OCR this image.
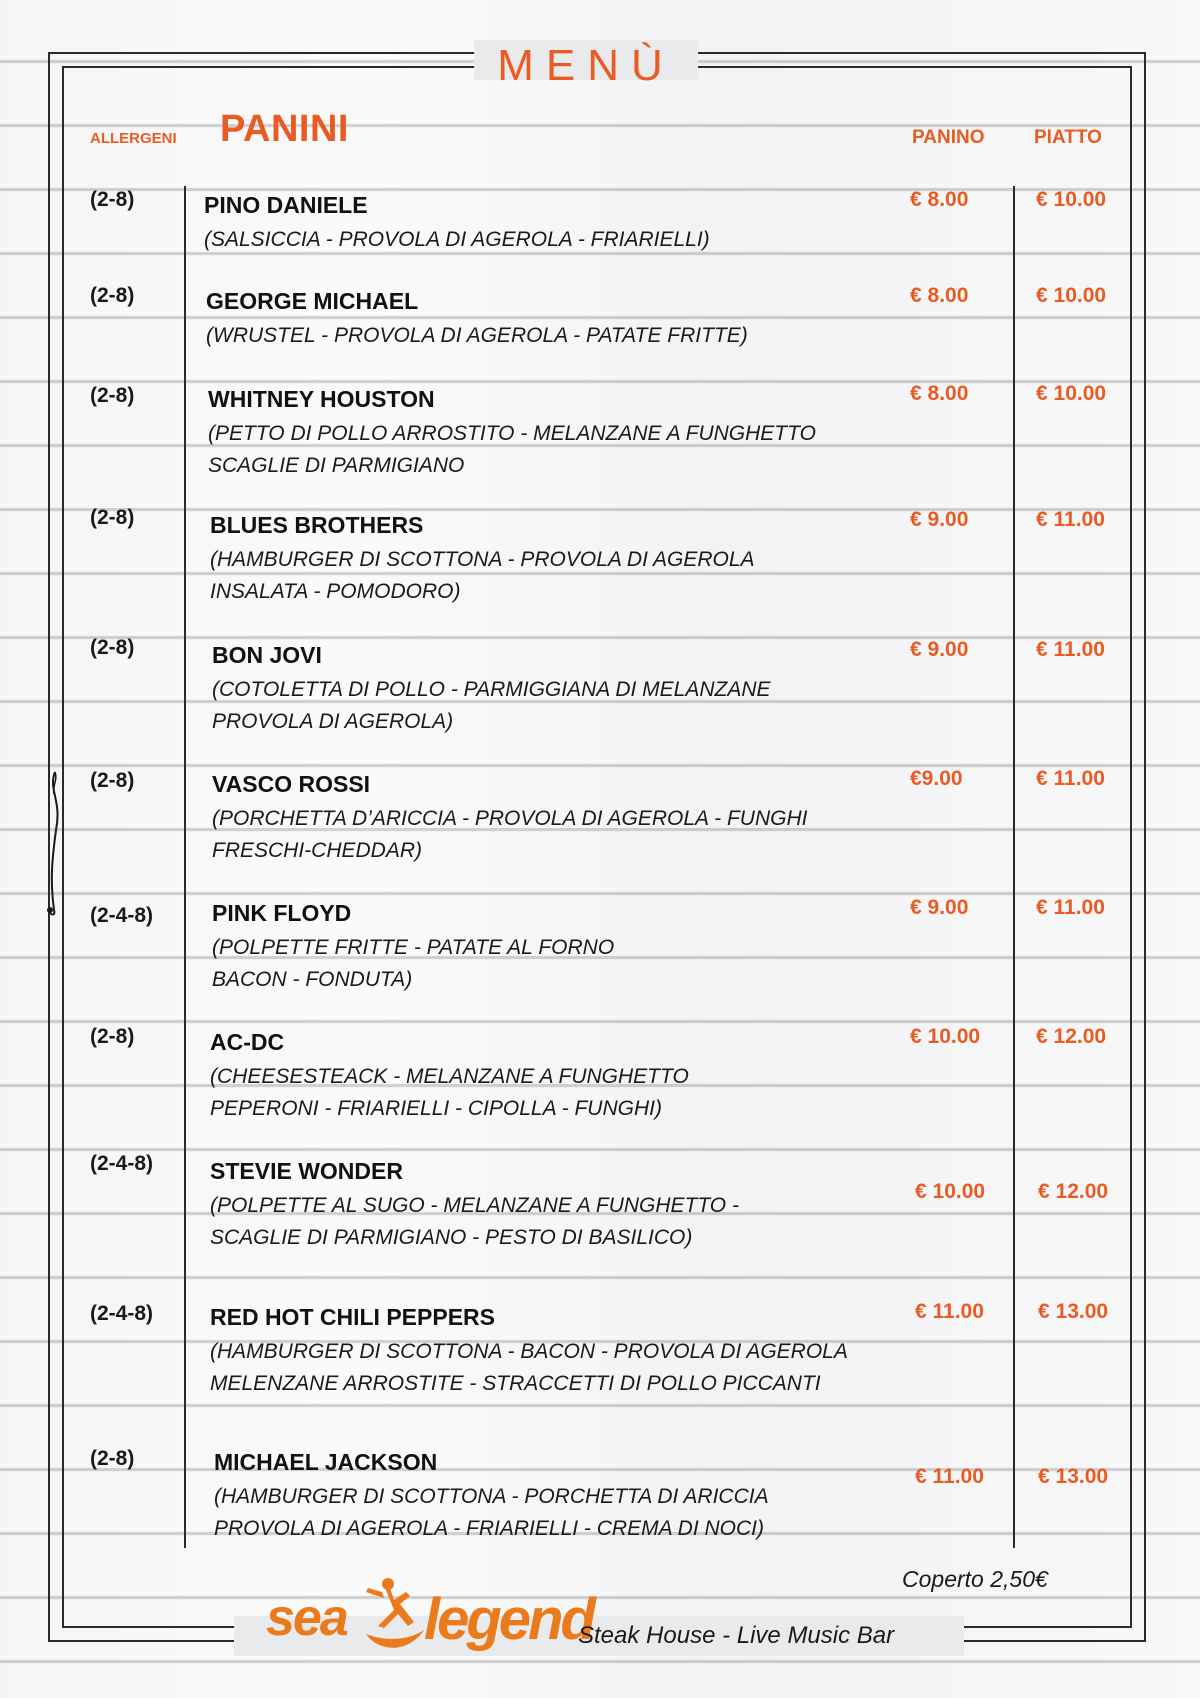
MENÙ
ALLERGENI PANINI	PANINO	PIATTO
(2-8)	PINO DANIELE
(SALSICCIA - PROVOLA DI AGEROLA - FRIARIELLI)
€ 8.00	€ 10.00
(2-8)	GEORGE MICHAEL
(WRUSTEL - PROVOLA DI AGEROLA - PATATE FRITTE)
€ 8.00	€ 10.00
(2-8)	WHITNEY HOUSTON
(PETTO DI POLLO ARROSTITO - MELANZANE A FUNGHETTO
SCAGLIE DI PARMIGIANO
€ 8.00	€ 10.00
(2-8)	BLUES BROTHERS
(HAMBURGER DI SCOTTONA - PROVOLA DI AGEROLA
INSALATA - POMODORO)
€ 9.00	€ 11.00
(2-8)	BON JOVI
(COTOLETTA DI POLLO - PARMIGGIANA DI MELANZANE
PROVOLA DI AGEROLA)
€ 9.00	€ 11.00
(2-8)	VASCO ROSSI
(PORCHETTA D’ARICCIA - PROVOLA DI AGEROLA - FUNGHI
FRESCHI-CHEDDAR)
€9.00	€ 11.00
(2-4-8)	PINK FLOYD
(POLPETTE FRITTE - PATATE AL FORNO
BACON - FONDUTA)
€ 9.00	€ 11.00
(2-8)	AC-DC
(CHEESESTEACK - MELANZANE A FUNGHETTO
PEPERONI - FRIARIELLI - CIPOLLA - FUNGHI)
€ 10.00	€ 12.00
(2-4-8) STEVIE WONDER
(POLPETTE AL SUGO - MELANZANE A FUNGHETTO -
SCAGLIE DI PARMIGIANO - PESTO DI BASILICO)
€ 10.00	€ 12.00
(2-4-8) RED HOT CHILI PEPPERS
(HAMBURGER DI SCOTTONA - BACON - PROVOLA DI AGEROLA
MELENZANE ARROSTITE - STRACCETTI DI POLLO PICCANTI
€ 11.00	€ 13.00
(2-8)	MICHAEL JACKSON
(HAMBURGER DI SCOTTONA - PORCHETTA DI ARICCIA
PROVOLA DI AGEROLA - FRIARIELLI - CREMA DI NOCI)
€ 11.00	€ 13.00
Coperto 2,50€
sea legend
Steak House - Live Music Bar
